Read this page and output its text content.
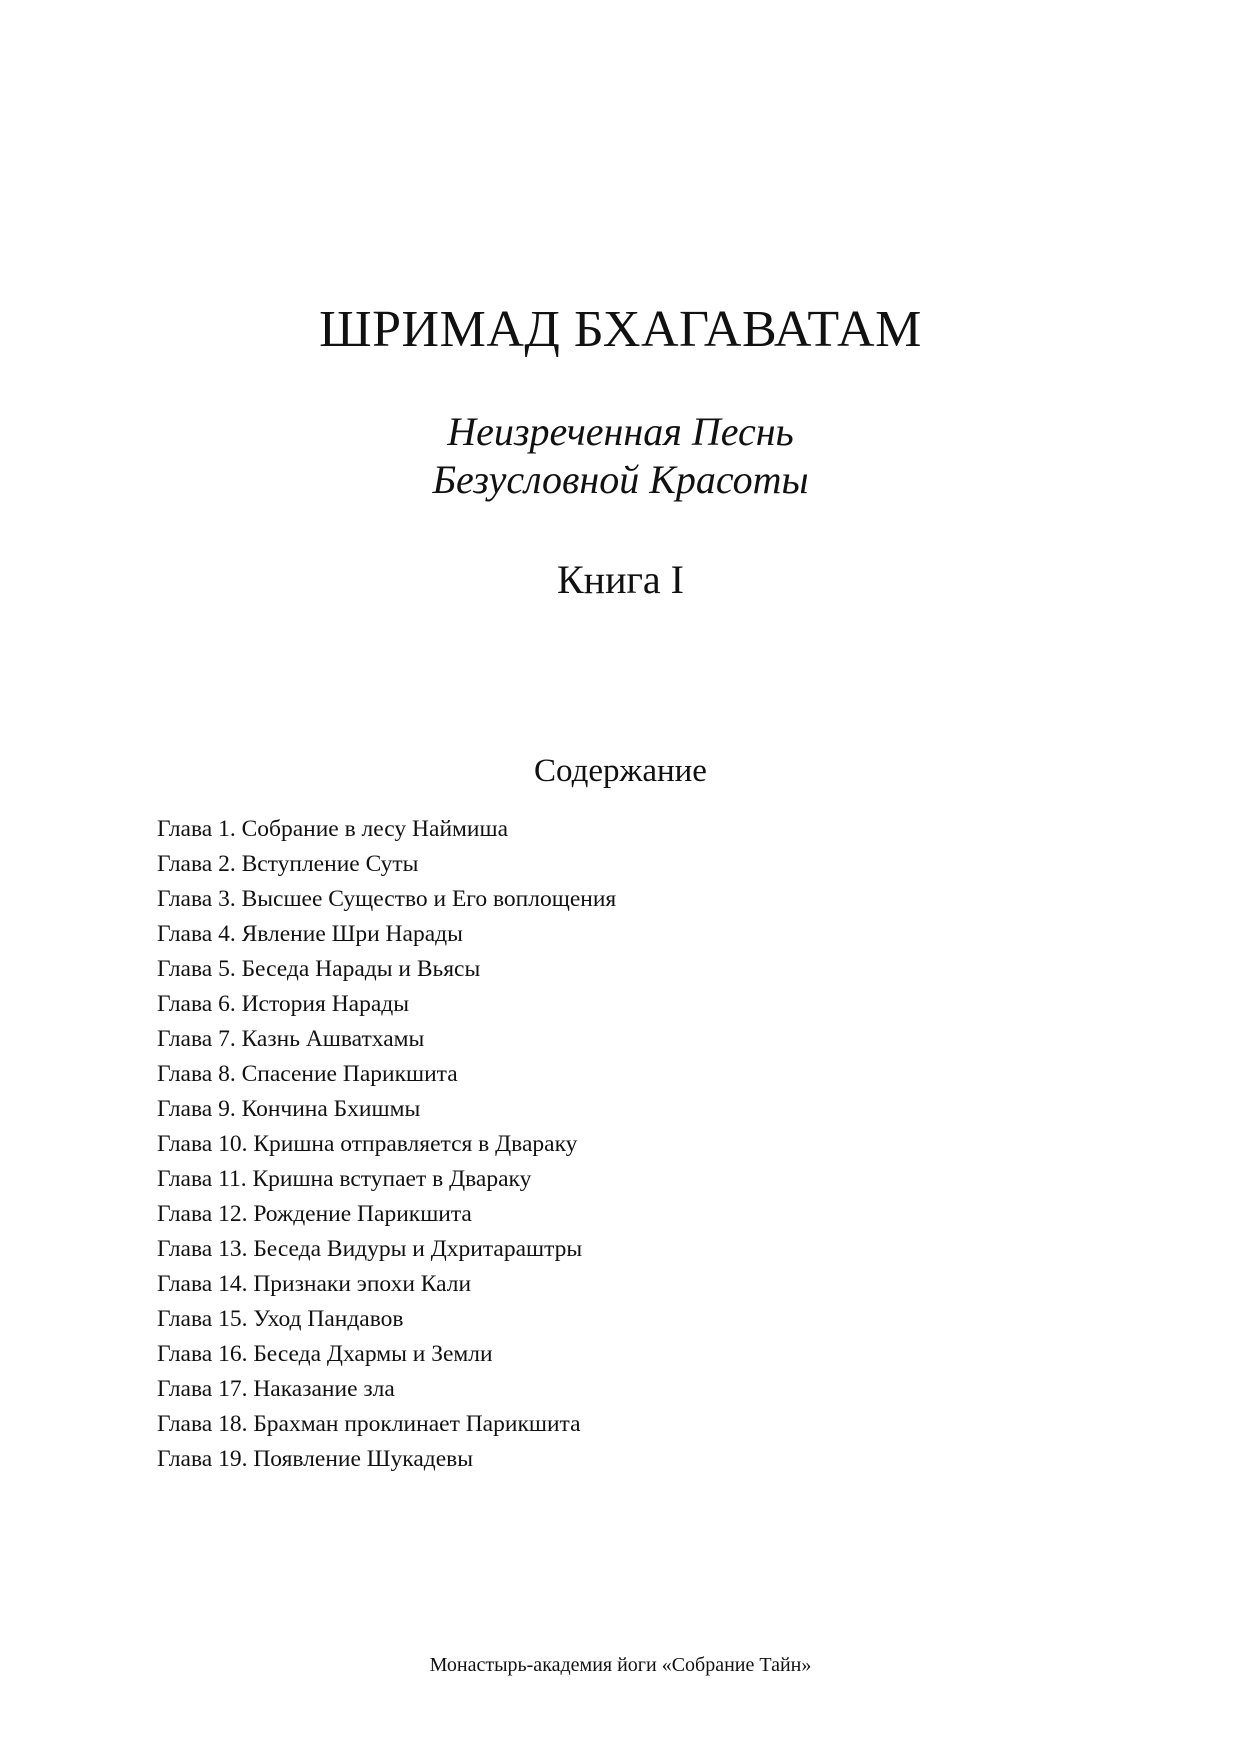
ШРИМАД БХАГАВАТАМ
Неизреченная Песнь
Безусловной Красоты
Книга I
Содержание
Глава 1. Собрание в лесу Наймиша
Глава 2. Вступление Суты
Глава 3. Высшее Существо и Его воплощения
Глава 4. Явление Шри Нарады
Глава 5. Беседа Нарады и Вьясы
Глава 6. История Нарады
Глава 7. Казнь Ашватхамы
Глава 8. Спасение Парикшита
Глава 9. Кончина Бхишмы
Глава 10. Кришна отправляется в Двараку
Глава 11. Кришна вступает в Двараку
Глава 12. Рождение Парикшита
Глава 13. Беседа Видуры и Дхритараштры
Глава 14. Признаки эпохи Кали
Глава 15. Уход Пандавов
Глава 16. Беседа Дхармы и Земли
Глава 17. Наказание зла
Глава 18. Брахман проклинает Парикшита
Глава 19. Появление Шукадевы
Монастырь-академия йоги «Собрание Тайн»
